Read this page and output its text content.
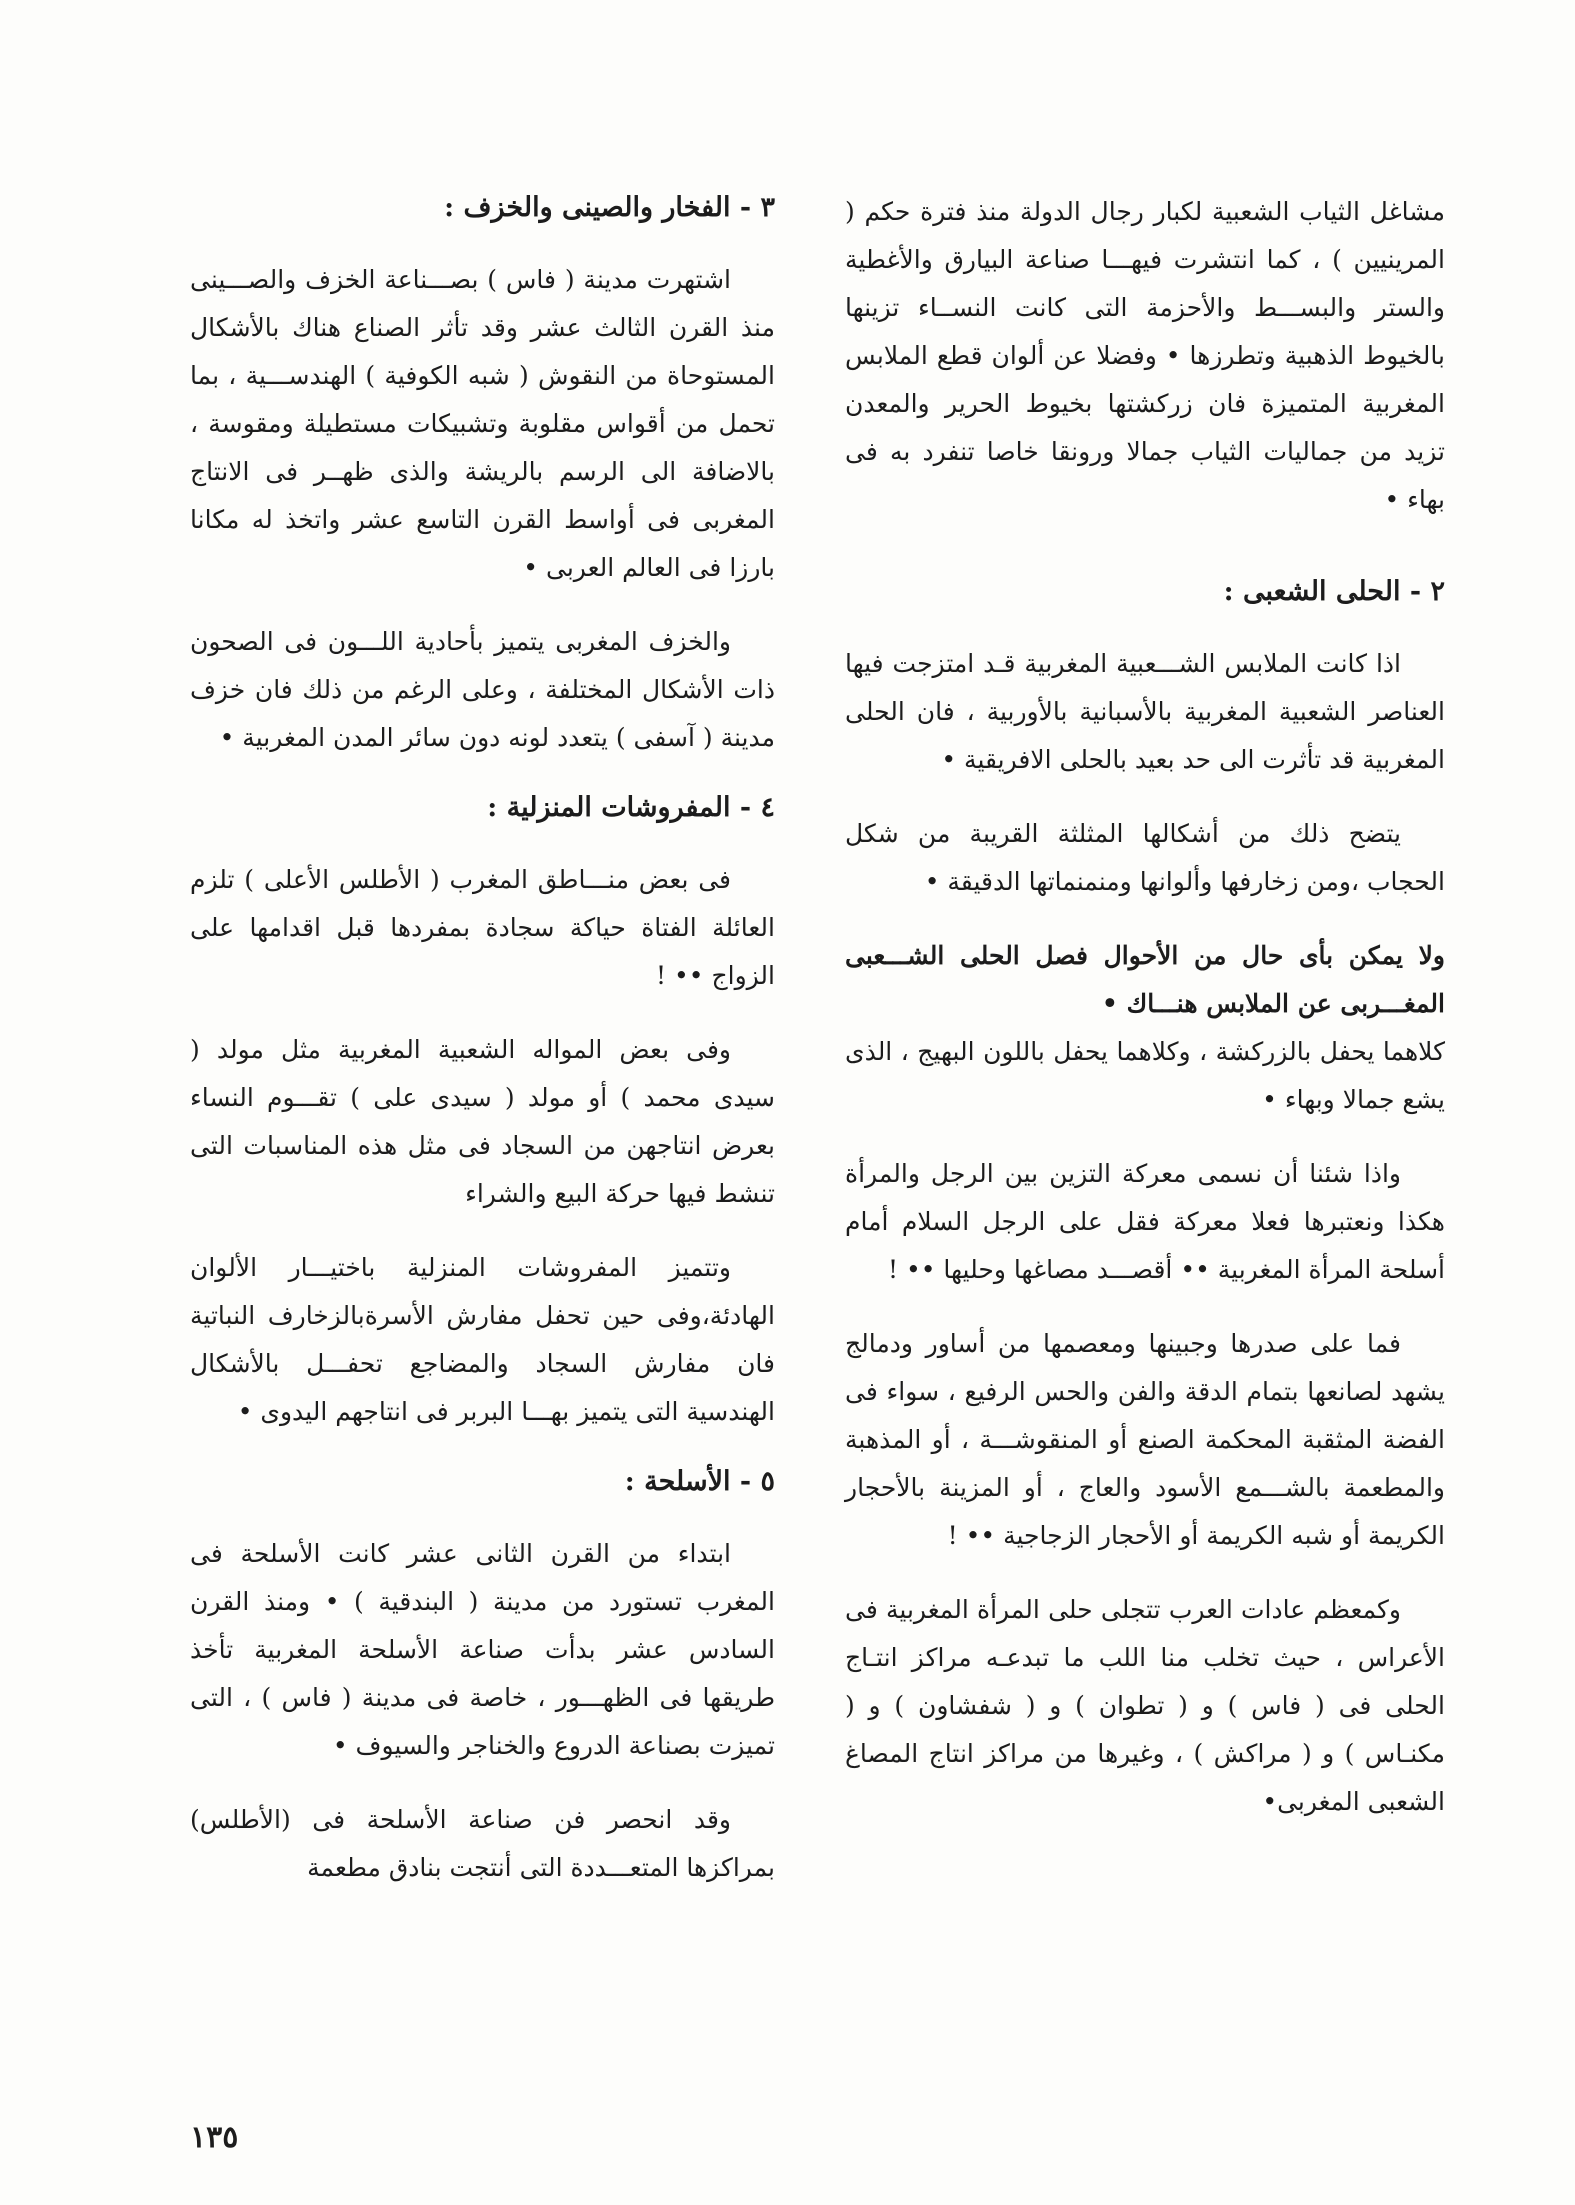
مشاغل الثياب الشعبية لكبار رجال الدولة منذ فترة حكم ( المرينيين ) ، كما انتشرت فيهـــا صناعة البيارق والأغطية والستر والبســـط والأحزمة التى كانت النســاء تزينها بالخيوط الذهبية وتطرزها • وفضلا عن ألوان قطع الملابس المغربية المتميزة فان زركشتها بخيوط الحرير والمعدن تزيد من جماليات الثياب جمالا ورونقا خاصا تنفرد به فى بهاء •

٢ - الحلى الشعبى :

اذا كانت الملابس الشـــعبية المغربية قـد امتزجت فيها العناصر الشعبية المغربية بالأسبانية بالأوربية ، فان الحلى المغربية قد تأثرت الى حد بعيد بالحلى الافريقية •

يتضح ذلك من أشكالها المثلثة القريبة من شكل الحجاب ،ومن زخارفها وألوانها ومنمنماتها الدقيقة •

ولا يمكن بأى حال من الأحوال فصل الحلى الشـــعبى المغـــربى عن الملابس هنـــاك •

كلاهما يحفل بالزركشة ، وكلاهما يحفل باللون البهيج ، الذى يشع جمالا وبهاء •

واذا شئنا أن نسمى معركة التزين بين الرجل والمرأة هكذا ونعتبرها فعلا معركة فقل على الرجل السلام أمام أسلحة المرأة المغربية •• أقصـــد مصاغها وحليها •• !

فما على صدرها وجبينها ومعصمها من أساور ودمالج يشهد لصانعها بتمام الدقة والفن والحس الرفيع ، سواء فى الفضة المثقبة المحكمة الصنع أو المنقوشـــة ، أو المذهبة والمطعمة بالشـــمع الأسود والعاج ، أو المزينة بالأحجار الكريمة أو شبه الكريمة أو الأحجار الزجاجية •• !

وكمعظم عادات العرب تتجلى حلى المرأة المغربية فى الأعراس ، حيث تخلب منا اللب ما تبدعـه مراكز انتـاج الحلى فى ( فاس ) و ( تطوان ) و ( شفشاون ) و ( مكنـاس ) و ( مراكش ) ، وغيرها من مراكز انتاج المصاغ الشعبى المغربى•

٣ - الفخار والصينى والخزف :

اشتهرت مدينة ( فاس ) بصـــناعة الخزف والصـــينى منذ القرن الثالث عشر وقد تأثر الصناع هناك بالأشكال المستوحاة من النقوش ( شبه الكوفية ) الهندســـية ، بما تحمل من أقواس مقلوبة وتشبيكات مستطيلة ومقوسة ، بالاضافة الى الرسم بالريشة والذى ظهــر فى الانتاج المغربى فى أواسط القرن التاسع عشر واتخذ له مكانا بارزا فى العالم العربى •

والخزف المغربى يتميز بأحادية اللـــون فى الصحون ذات الأشكال المختلفة ، وعلى الرغم من ذلك فان خزف مدينة ( آسفى ) يتعدد لونه دون سائر المدن المغربية •

٤ - المفروشات المنزلية :

فى بعض منـــاطق المغرب ( الأطلس الأعلى ) تلزم العائلة الفتاة حياكة سجادة بمفردها قبل اقدامها على الزواج •• !

وفى بعض المواله الشعبية المغربية مثل مولد ( سيدى محمد ) أو مولد ( سيدى على ) تقـــوم النساء بعرض انتاجهن من السجاد فى مثل هذه المناسبات التى تنشط فيها حركة البيع والشراء

وتتميز المفروشات المنزلية باختيـــار الألوان الهادئة،وفى حين تحفل مفارش الأسرةبالزخارف النباتية فان مفارش السجاد والمضاجع تحفـــل بالأشكال الهندسية التى يتميز بهـــا البربر فى انتاجهم اليدوى •

٥ - الأسلحة :

ابتداء من القرن الثانى عشر كانت الأسلحة فى المغرب تستورد من مدينة ( البندقية ) • ومنذ القرن السادس عشر بدأت صناعة الأسلحة المغربية تأخذ طريقها فى الظهـــور ، خاصة فى مدينة ( فاس ) ، التى تميزت بصناعة الدروع والخناجر والسيوف •

وقد انحصر فن صناعة الأسلحة فى (الأطلس) بمراكزها المتعـــددة التى أنتجت بنادق مطعمة

١٣٥
